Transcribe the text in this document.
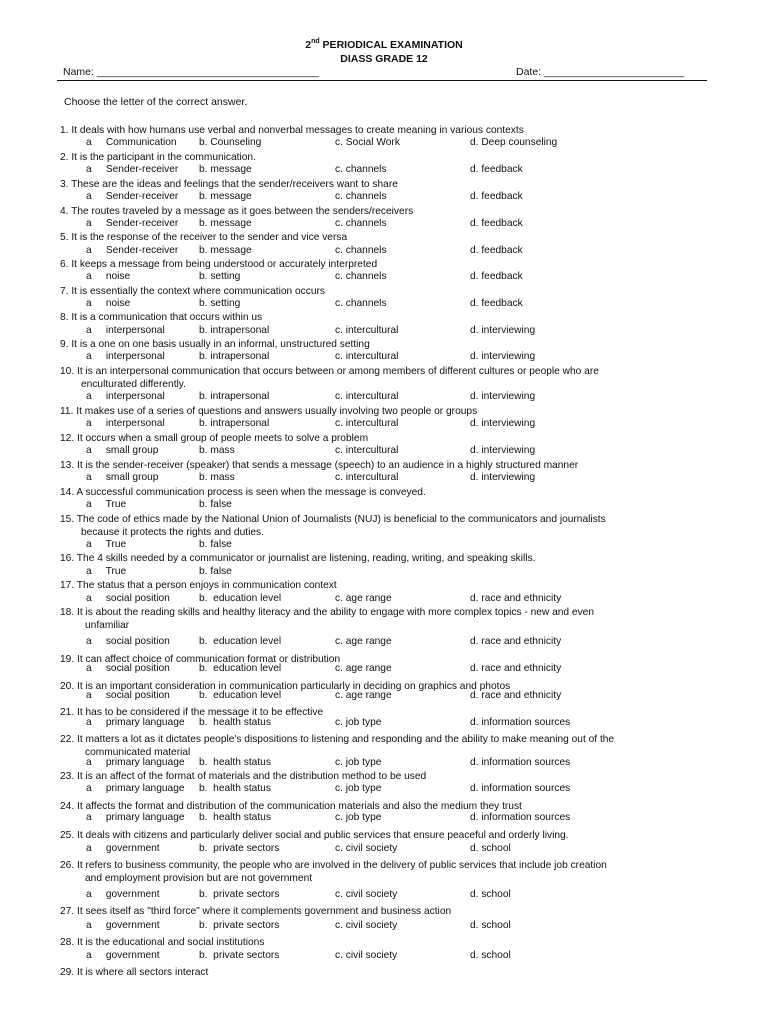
2nd PERIODICAL EXAMINATION
DIASS GRADE 12
Name: ______________________________________	Date: ________________________
Choose the letter of the correct answer.
1. It deals with how humans use verbal and nonverbal messages to create meaning in various contexts
a     Communication b. Counseling	c. Social Work	d. Deep counseling
2. It is the participant in the communication.
a     Sender-receiver b. message	c. channels	d. feedback
3. These are the ideas and feelings that the sender/receivers want to share
a     Sender-receiver b. message	c. channels	d. feedback
4. The routes traveled by a message as it goes between the senders/receivers
a     Sender-receiver b. message	c. channels	d. feedback
5. It is the response of the receiver to the sender and vice versa
a     Sender-receiver b. message	c. channels	d. feedback
6. It keeps a message from being understood or accurately interpreted
a     noise	b. setting	c. channels	d. feedback
7. It is essentially the context where communication occurs
a     noise	b. setting	c. channels	d. feedback
8. It is a communication that occurs within us
a     interpersonal	b. intrapersonal	c. intercultural	d. interviewing
9. It is a one on one basis usually in an informal, unstructured setting
a     interpersonal	b. intrapersonal	c. intercultural	d. interviewing
10. It is an interpersonal communication that occurs between or among members of different cultures or people who are
enculturated differently.
a     interpersonal	b. intrapersonal	c. intercultural	d. interviewing
11. It makes use of a series of questions and answers usually involving two people or groups
a     interpersonal	b. intrapersonal	c. intercultural	d. interviewing
12. It occurs when a small group of people meets to solve a problem
a     small group	b. mass	c. intercultural	d. interviewing
13. It is the sender-receiver (speaker) that sends a message (speech) to an audience in a highly structured manner
a     small group	b. mass	c. intercultural	d. interviewing
14. A successful communication process is seen when the message is conveyed.
a     True	b. false
15. The code of ethics made by the National Union of Journalists (NUJ) is beneficial to the communicators and journalists
because it protects the rights and duties.
a     True	b. false
16. The 4 skills needed by a communicator or journalist are listening, reading, writing, and speaking skills.
a     True	b. false
17. The status that a person enjoys in communication context
a     social position	b.  education level	c. age range	d. race and ethnicity
18. It is about the reading skills and healthy literacy and the ability to engage with more complex topics - new and even
unfamiliar
a     social position	b.  education level	c. age range	d. race and ethnicity
19. It can affect choice of communication format or distribution
a     social position	b.  education level	c. age range	d. race and ethnicity
20. It is an important consideration in communication particularly in deciding on graphics and photos
a     social position	b.  education level	c. age range	d. race and ethnicity
21. It has to be considered if the message it to be effective
a     primary language b.  health status	c. job type	d. information sources
22. It matters a lot as it dictates people's dispositions to listening and responding and the ability to make meaning out of the
communicated material
a     primary language b.  health status	c. job type	d. information sources
23. It is an affect of the format of materials and the distribution method to be used
a     primary language b.  health status	c. job type	d. information sources
24. It affects the format and distribution of the communication materials and also the medium they trust
a     primary language b.  health status	c. job type	d. information sources
25. It deals with citizens and particularly deliver social and public services that ensure peaceful and orderly living.
a     government	b.  private sectors	c. civil society	d. school
26. It refers to business community, the people who are involved in the delivery of public services that include job creation
and employment provision but are not government
a     government	b.  private sectors	c. civil society	d. school
27. It sees itself as "third force" where it complements government and business action
a     government	b.  private sectors	c. civil society	d. school
28. It is the educational and social institutions
a     government	b.  private sectors	c. civil society	d. school
29. It is where all sectors interact
